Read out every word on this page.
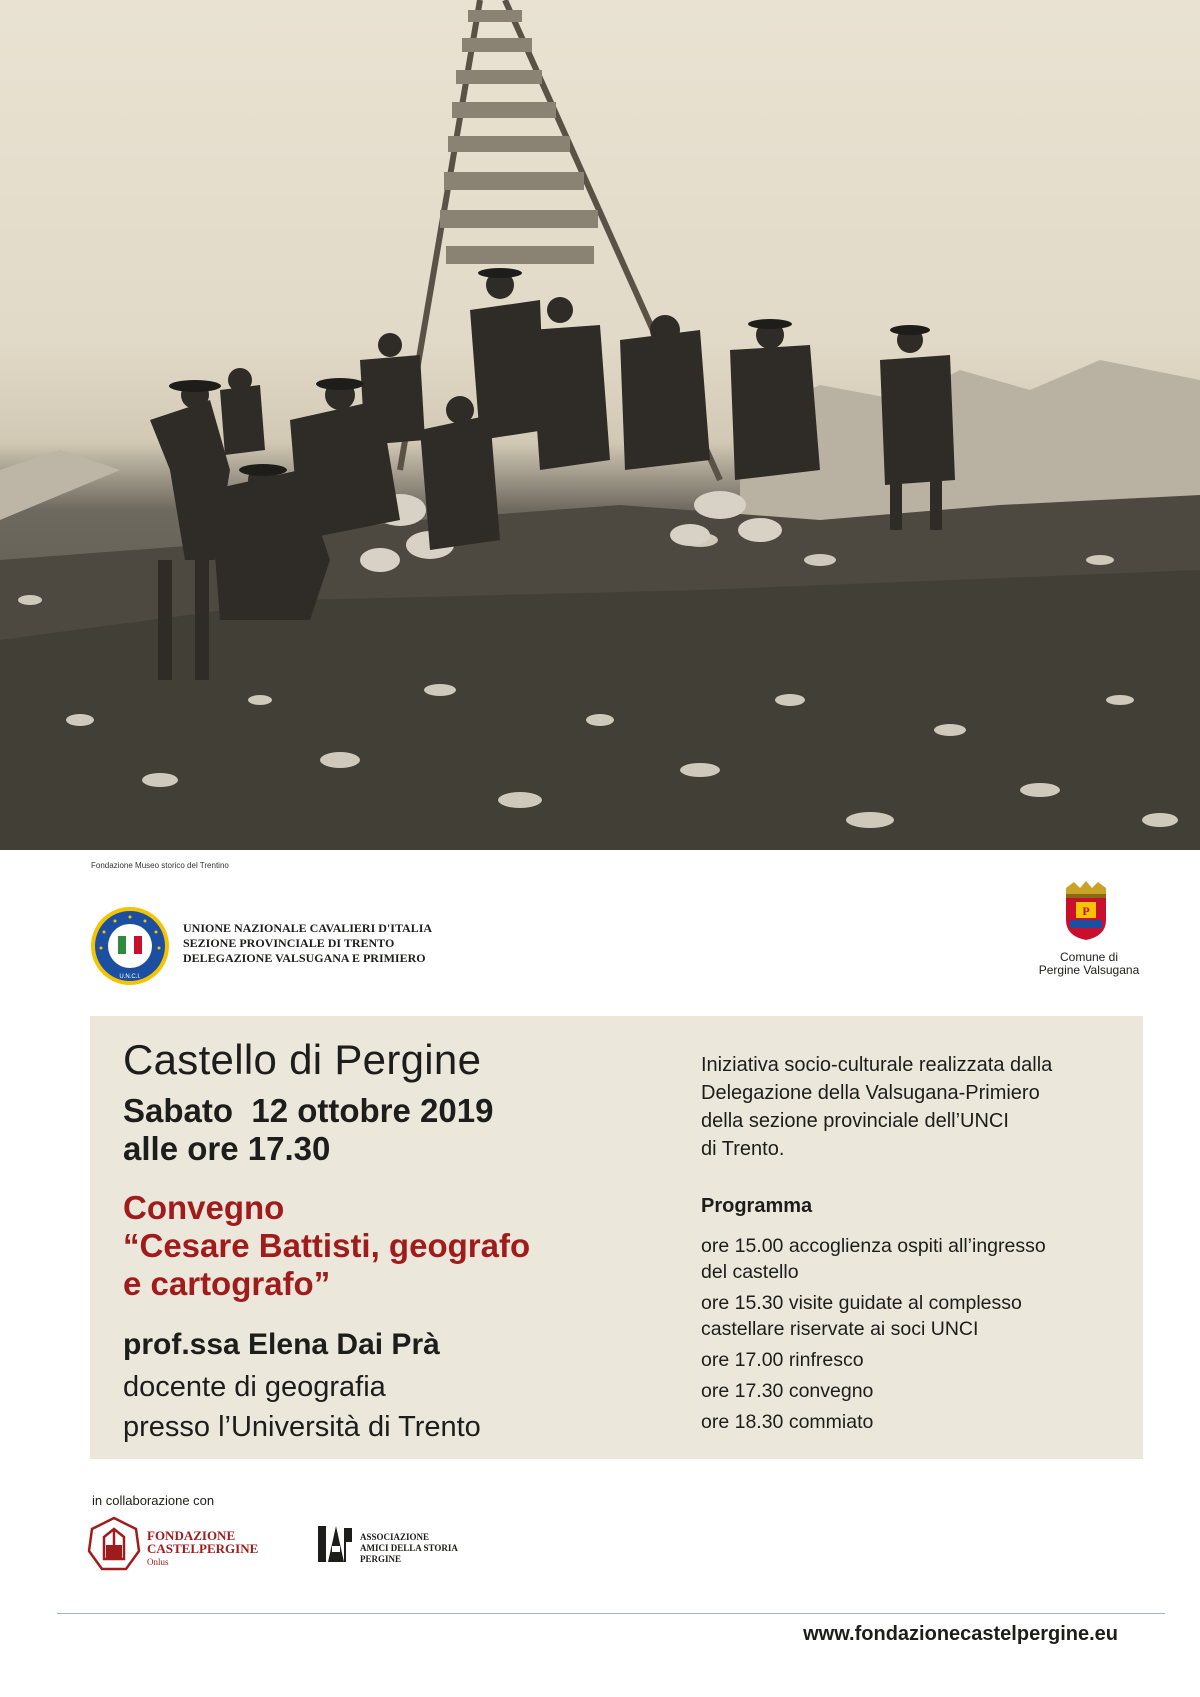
Fondazione Museo storico del Trentino
U.N.C.I.
UNIONE NAZIONALE CAVALIERI D'ITALIA
SEZIONE PROVINCIALE DI TRENTO
DELEGAZIONE VALSUGANA E PRIMIERO
P
Comune di
Pergine Valsugana
Castello di Pergine
Sabato  12 ottobre 2019
alle ore 17.30
Convegno
“Cesare Battisti, geografo
e cartografo”
prof.ssa Elena Dai Prà
docente di geografia
presso l’Università di Trento
Iniziativa socio-culturale realizzata dalla
Delegazione della Valsugana-Primiero
della sezione provinciale dell’UNCI
di Trento.
Programma
ore 15.00 accoglienza ospiti all’ingresso
del castello
ore 15.30 visite guidate al complesso
castellare riservate ai soci UNCI
ore 17.00 rinfresco
ore 17.30 convegno
ore 18.30 commiato
in collaborazione con
FONDAZIONE
CASTELPERGINE
Onlus
ASSOCIAZIONE
AMICI DELLA STORIA
PERGINE
www.fondazionecastelpergine.eu
